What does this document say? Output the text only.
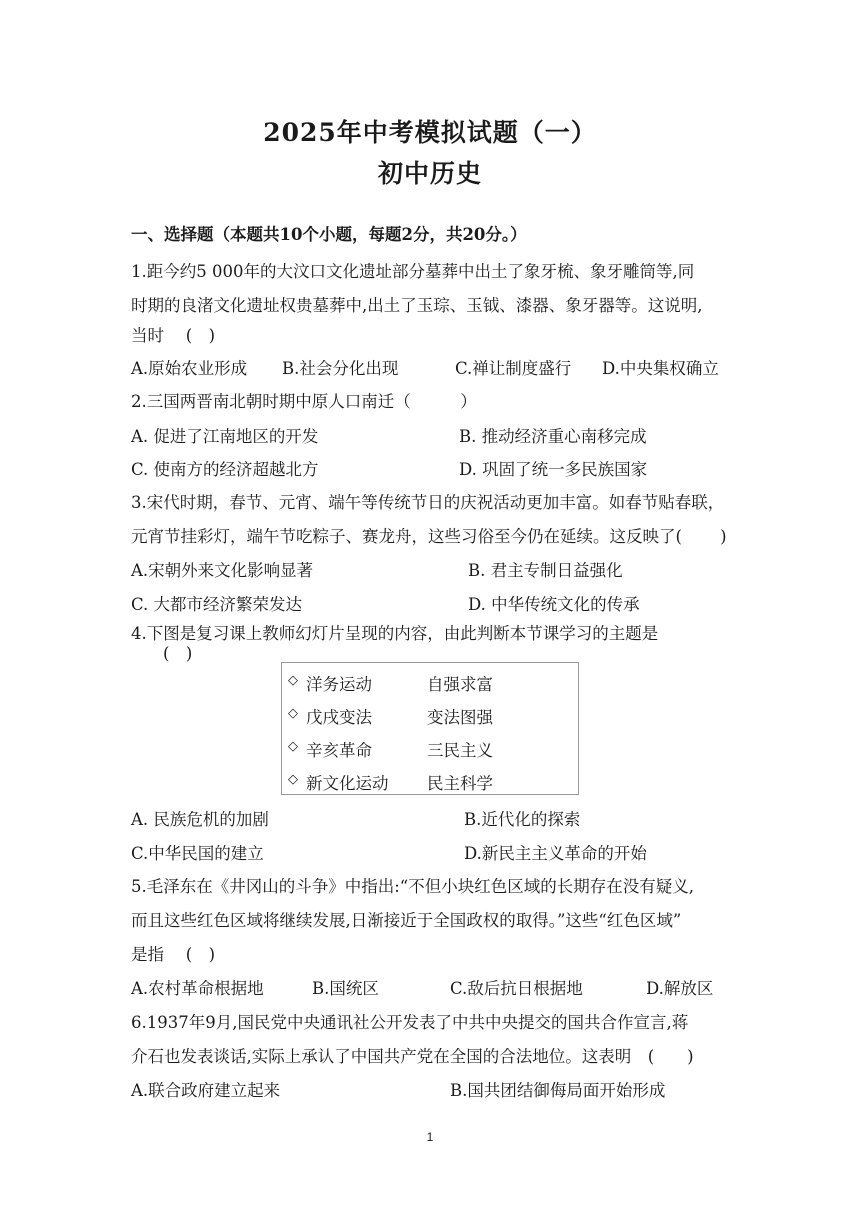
2025年中考模拟试题（一）
初中历史
一、选择题（本题共10个小题，每题2分，共20分。）
1.距今约5 000年的大汶口文化遗址部分墓葬中出土了象牙梳、象牙雕筒等,同
时期的良渚文化遗址权贵墓葬中,出土了玉琮、玉钺、漆器、象牙器等。这说明,
当时　 (　)
A.原始农业形成 B.社会分化出现	C.禅让制度盛行 D.中央集权确立
2.三国两晋南北朝时期中原人口南迁（　　　）
A. 促进了江南地区的开发	B. 推动经济重心南移完成
C. 使南方的经济超越北方	D. 巩固了统一多民族国家
3.宋代时期，春节、元宵、端午等传统节日的庆祝活动更加丰富。如春节贴春联，
元宵节挂彩灯，端午节吃粽子、赛龙舟，这些习俗至今仍在延续。这反映了(　　 )
A.宋朝外来文化影响显著	B. 君主专制日益强化
C. 大都市经济繁荣发达	D. 中华传统文化的传承
4.下图是复习课上教师幻灯片呈现的内容，由此判断本节课学习的主题是
(　)
◇ 洋务运动	自强求富
◇ 戊戌变法	变法图强
◇ 辛亥革命	三民主义
◇ 新文化运动 民主科学
A. 民族危机的加剧	B.近代化的探索
C.中华民国的建立	D.新民主主义革命的开始
5.毛泽东在《井冈山的斗争》中指出:“不但小块红色区域的长期存在没有疑义,
而且这些红色区域将继续发展,日渐接近于全国政权的取得。”这些“红色区域”
是指　 (　)
A.农村革命根据地	B.国统区	C.敌后抗日根据地	D.解放区
6.1937年9月,国民党中央通讯社公开发表了中共中央提交的国共合作宣言,蒋
介石也发表谈话,实际上承认了中国共产党在全国的合法地位。这表明　(　　)
A.联合政府建立起来	B.国共团结御侮局面开始形成
1
